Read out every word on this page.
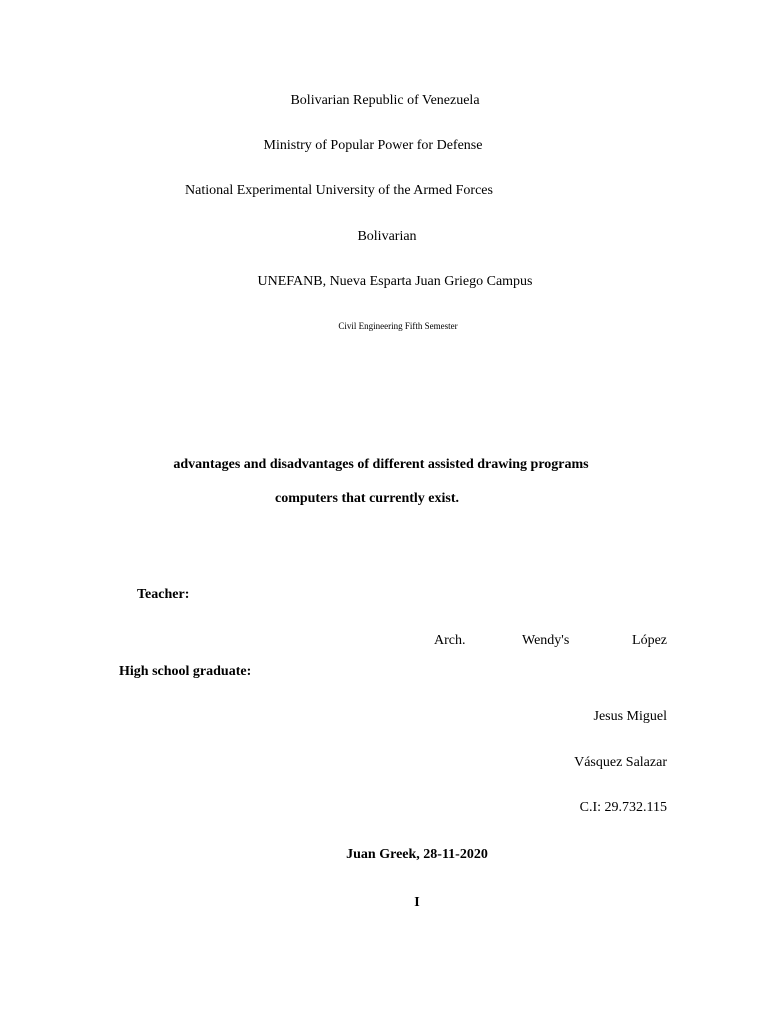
Bolivarian Republic of Venezuela
Ministry of Popular Power for Defense
National Experimental University of the Armed Forces
Bolivarian
UNEFANB, Nueva Esparta Juan Griego Campus
Civil Engineering Fifth Semester
advantages and disadvantages of different assisted drawing programs
computers that currently exist.
Teacher:
Arch.	Wendy's	López
High school graduate:
Jesus Miguel
Vásquez Salazar
C.I: 29.732.115
Juan Greek, 28-11-2020
I
